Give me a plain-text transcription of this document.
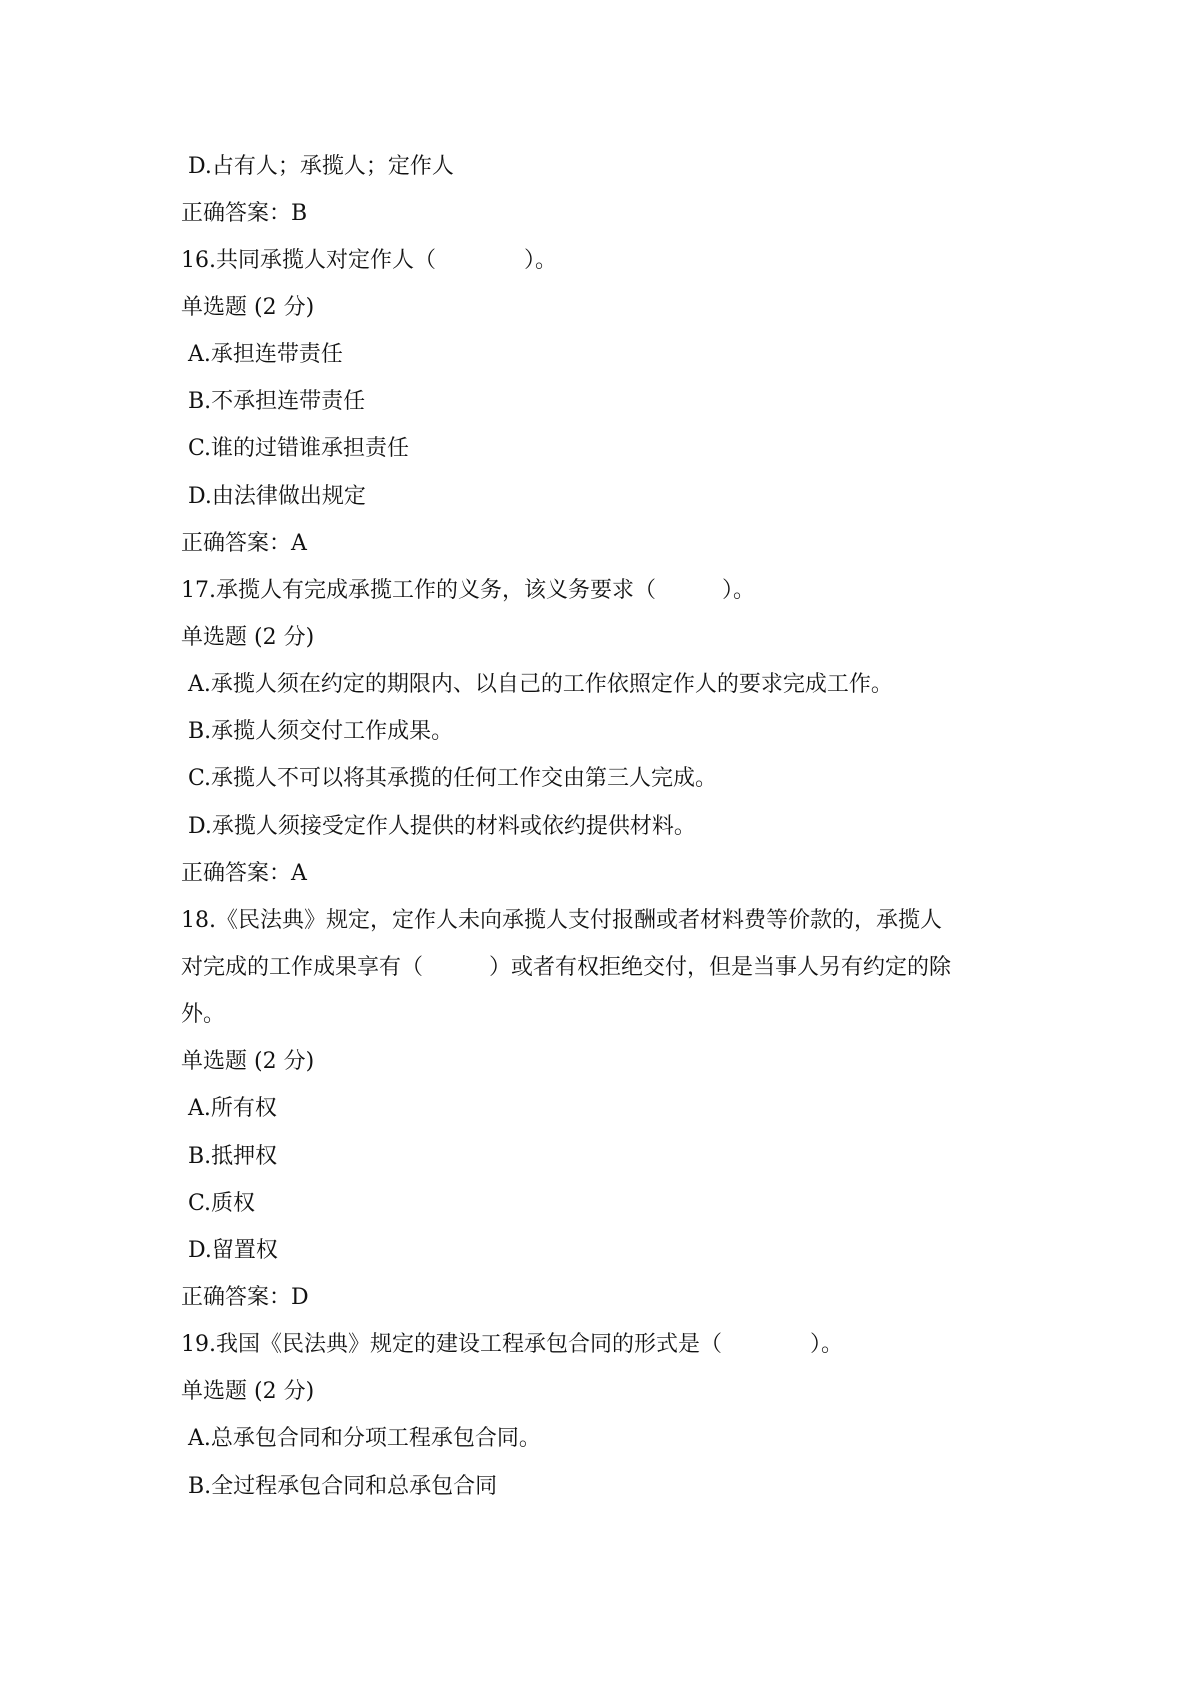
D.占有人；承揽人；定作人

正确答案：B

16.共同承揽人对定作人（　　　　）。

单选题 (2 分)

A.承担连带责任

B.不承担连带责任

C.谁的过错谁承担责任

D.由法律做出规定

正确答案：A

17.承揽人有完成承揽工作的义务，该义务要求（　　　）。

单选题 (2 分)

A.承揽人须在约定的期限内、以自己的工作依照定作人的要求完成工作。

B.承揽人须交付工作成果。

C.承揽人不可以将其承揽的任何工作交由第三人完成。

D.承揽人须接受定作人提供的材料或依约提供材料。

正确答案：A

18.《民法典》规定，定作人未向承揽人支付报酬或者材料费等价款的，承揽人

对完成的工作成果享有（　　　）或者有权拒绝交付，但是当事人另有约定的除

外。

单选题 (2 分)

A.所有权

B.抵押权

C.质权

D.留置权

正确答案：D

19.我国《民法典》规定的建设工程承包合同的形式是（　　　　）。

单选题 (2 分)

A.总承包合同和分项工程承包合同。

B.全过程承包合同和总承包合同
